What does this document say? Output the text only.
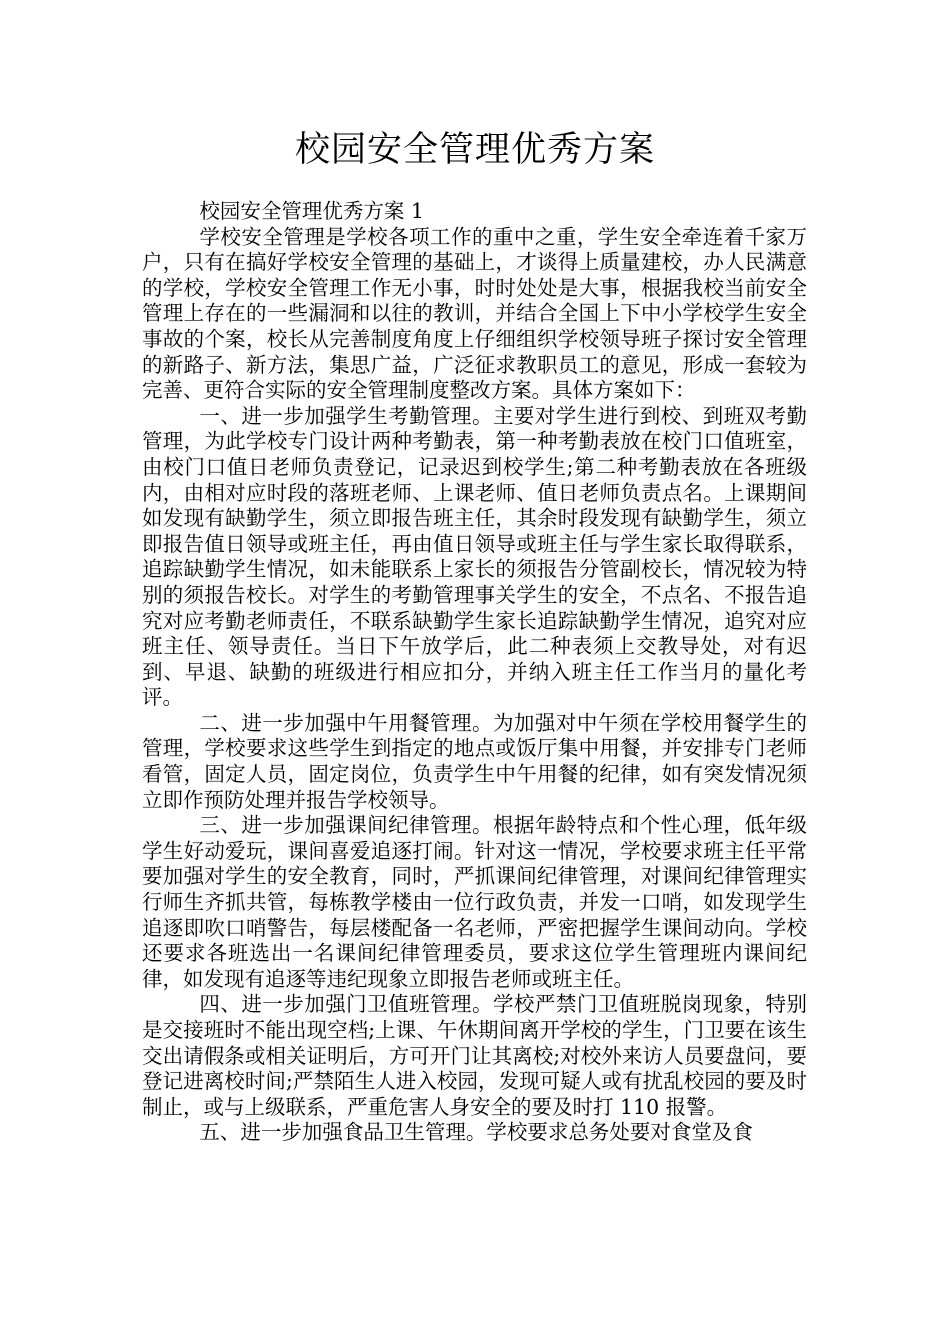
校园安全管理优秀方案

校园安全管理优秀方案 1

学校安全管理是学校各项工作的重中之重，学生安全牵连着千家万户，只有在搞好学校安全管理的基础上，才谈得上质量建校，办人民满意的学校，学校安全管理工作无小事，时时处处是大事，根据我校当前安全管理上存在的一些漏洞和以往的教训，并结合全国上下中小学校学生安全事故的个案，校长从完善制度角度上仔细组织学校领导班子探讨安全管理的新路子、新方法，集思广益，广泛征求教职员工的意见，形成一套较为完善、更符合实际的安全管理制度整改方案。具体方案如下：

一、进一步加强学生考勤管理。主要对学生进行到校、到班双考勤管理，为此学校专门设计两种考勤表，第一种考勤表放在校门口值班室，由校门口值日老师负责登记，记录迟到校学生;第二种考勤表放在各班级内，由相对应时段的落班老师、上课老师、值日老师负责点名。上课期间如发现有缺勤学生，须立即报告班主任，其余时段发现有缺勤学生，须立即报告值日领导或班主任，再由值日领导或班主任与学生家长取得联系，追踪缺勤学生情况，如未能联系上家长的须报告分管副校长，情况较为特别的须报告校长。对学生的考勤管理事关学生的安全，不点名、不报告追究对应考勤老师责任，不联系缺勤学生家长追踪缺勤学生情况，追究对应班主任、领导责任。当日下午放学后，此二种表须上交教导处，对有迟到、早退、缺勤的班级进行相应扣分，并纳入班主任工作当月的量化考评。

二、进一步加强中午用餐管理。为加强对中午须在学校用餐学生的管理，学校要求这些学生到指定的地点或饭厅集中用餐，并安排专门老师看管，固定人员，固定岗位，负责学生中午用餐的纪律，如有突发情况须立即作预防处理并报告学校领导。

三、进一步加强课间纪律管理。根据年龄特点和个性心理，低年级学生好动爱玩，课间喜爱追逐打闹。针对这一情况，学校要求班主任平常要加强对学生的安全教育，同时，严抓课间纪律管理，对课间纪律管理实行师生齐抓共管，每栋教学楼由一位行政负责，并发一口哨，如发现学生追逐即吹口哨警告，每层楼配备一名老师，严密把握学生课间动向。学校还要求各班选出一名课间纪律管理委员，要求这位学生管理班内课间纪律，如发现有追逐等违纪现象立即报告老师或班主任。

四、进一步加强门卫值班管理。学校严禁门卫值班脱岗现象，特别是交接班时不能出现空档;上课、午休期间离开学校的学生，门卫要在该生交出请假条或相关证明后，方可开门让其离校;对校外来访人员要盘问，要登记进离校时间;严禁陌生人进入校园，发现可疑人或有扰乱校园的要及时制止，或与上级联系，严重危害人身安全的要及时打 110 报警。

五、进一步加强食品卫生管理。学校要求总务处要对食堂及食
